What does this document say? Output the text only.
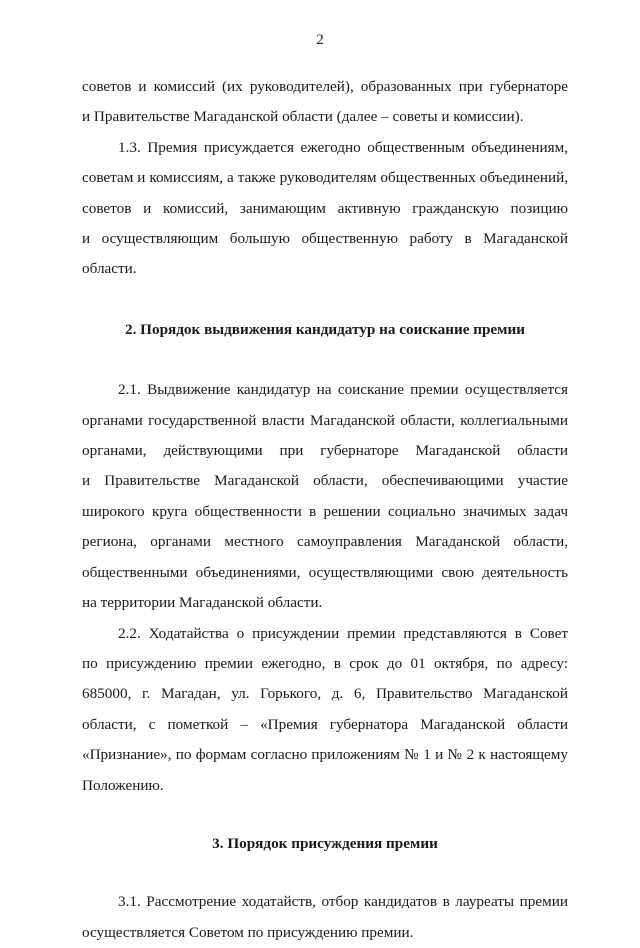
2
советов и комиссий (их руководителей), образованных при губернаторе
и Правительстве Магаданской области (далее – советы и комиссии).
1.3. Премия присуждается ежегодно общественным объединениям,
советам и комиссиям, а также руководителям общественных объединений,
советов и комиссий, занимающим активную гражданскую позицию
и осуществляющим большую общественную работу в Магаданской
области.
2. Порядок выдвижения кандидатур на соискание премии
2.1. Выдвижение кандидатур на соискание премии осуществляется
органами государственной власти Магаданской области, коллегиальными
органами, действующими при губернаторе Магаданской области
и Правительстве Магаданской области, обеспечивающими участие
широкого круга общественности в решении социально значимых задач
региона, органами местного самоуправления Магаданской области,
общественными объединениями, осуществляющими свою деятельность
на территории Магаданской области.
2.2. Ходатайства о присуждении премии представляются в Совет
по присуждению премии ежегодно, в срок до 01 октября, по адресу:
685000, г. Магадан, ул. Горького, д. 6, Правительство Магаданской
области, с пометкой – «Премия губернатора Магаданской области
«Признание», по формам согласно приложениям № 1 и № 2 к настоящему
Положению.
3. Порядок присуждения премии
3.1. Рассмотрение ходатайств, отбор кандидатов в лауреаты премии
осуществляется Советом по присуждению премии.
